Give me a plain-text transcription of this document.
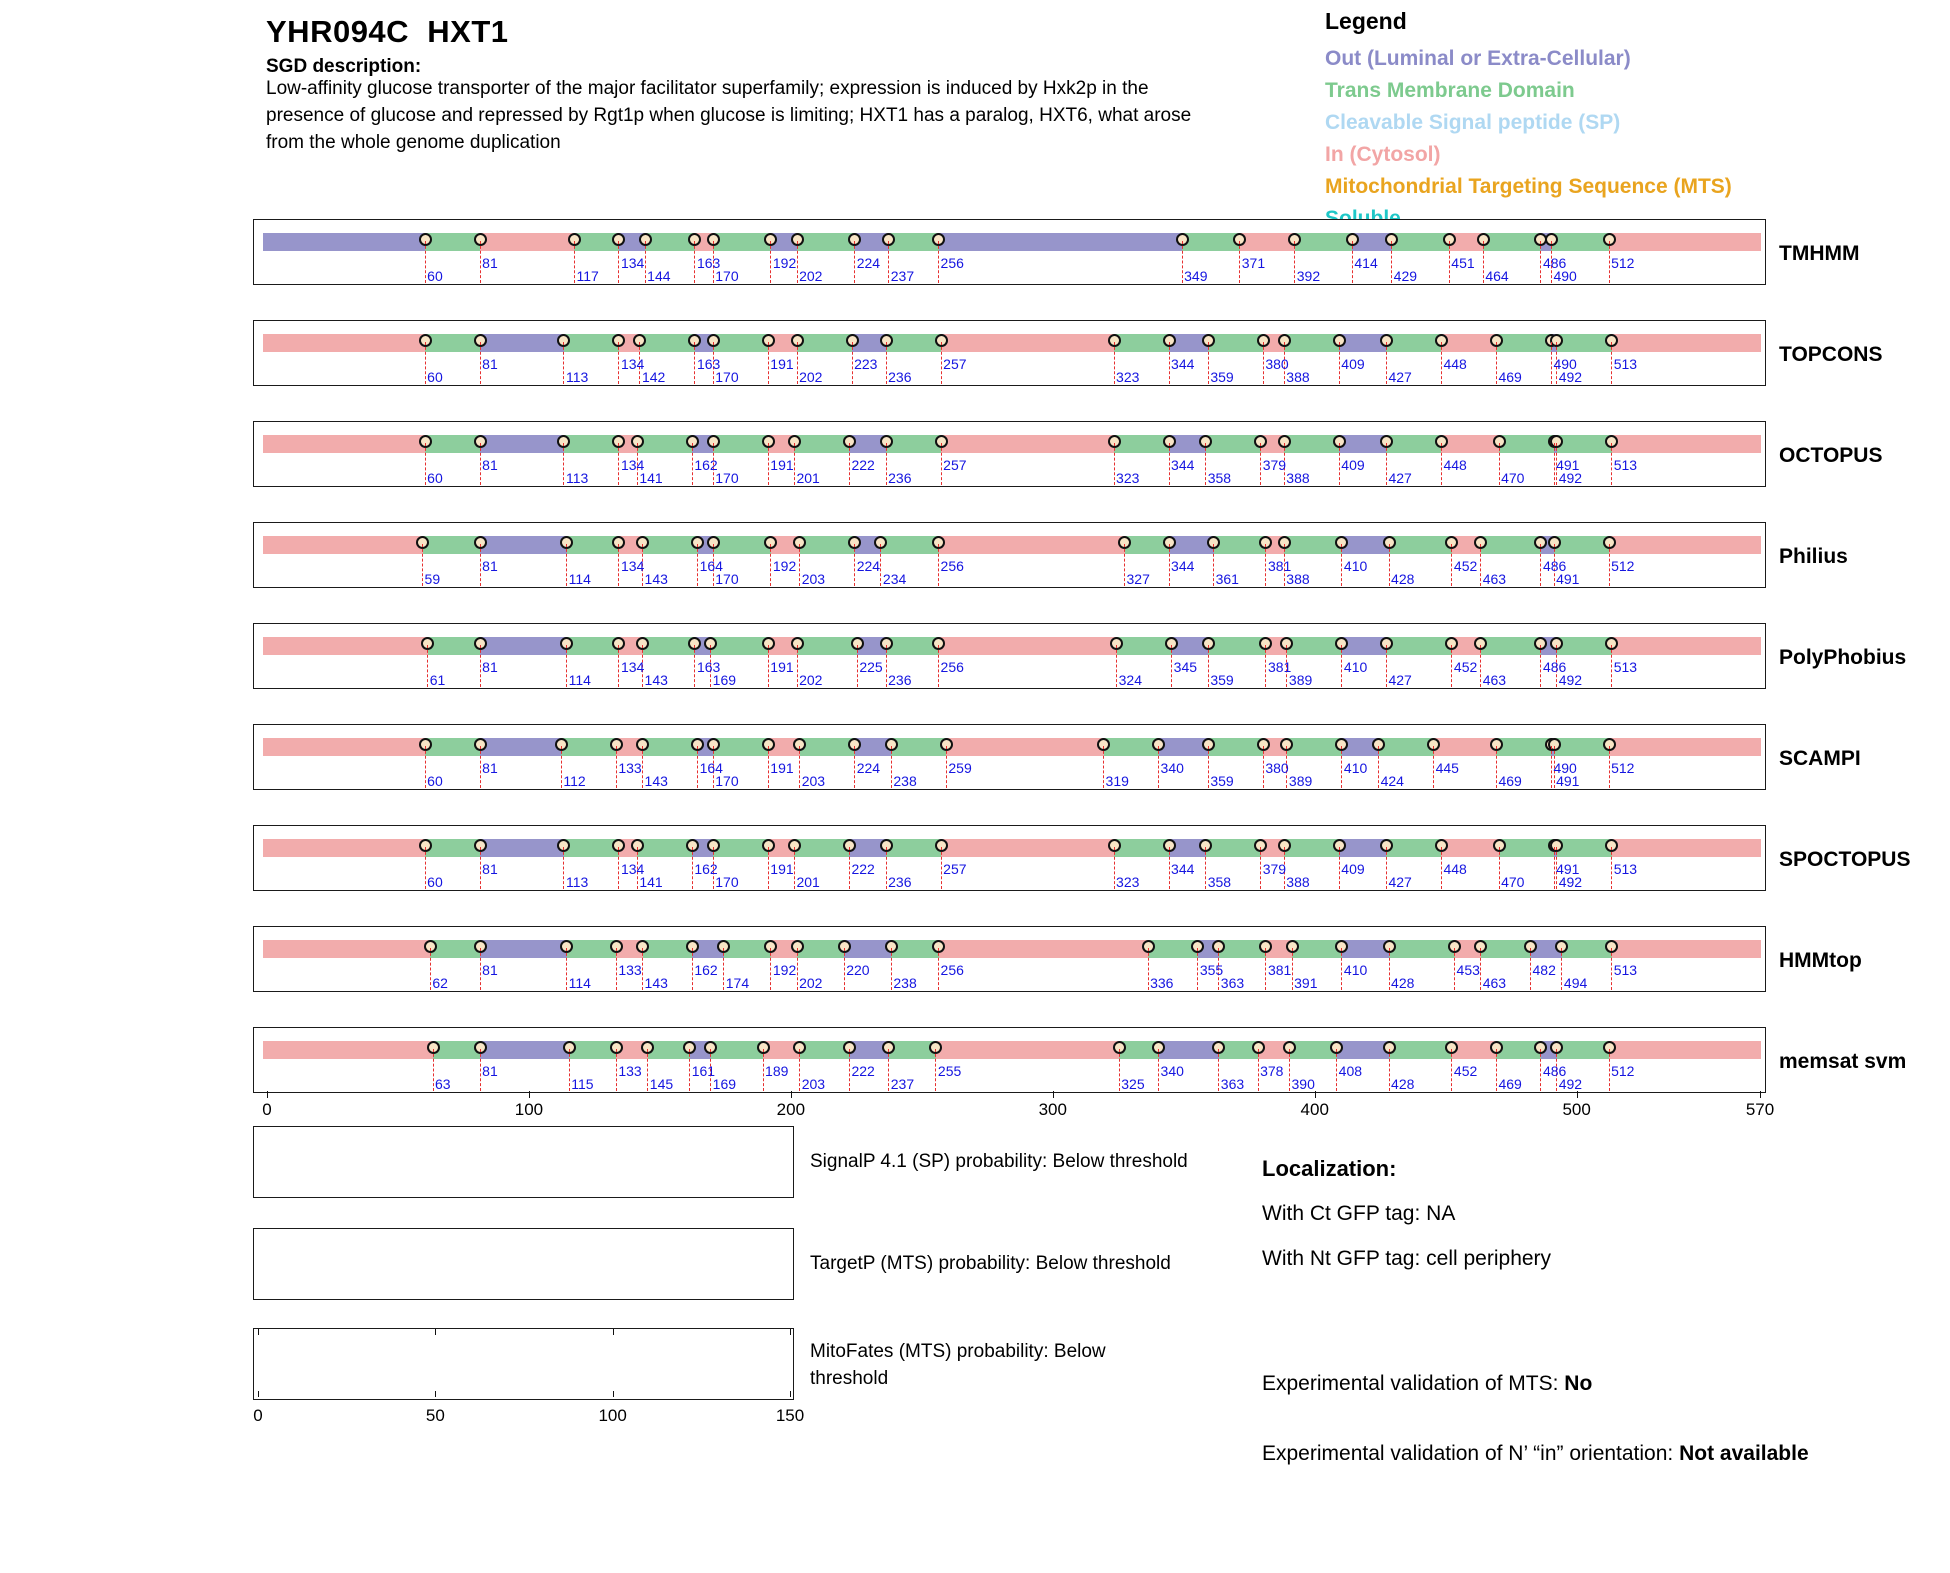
YHR094C  HXT1
SGD description:
Low-affinity glucose transporter of the major facilitator superfamily; expression is induced by Hxk2p in the
presence of glucose and repressed by Rgt1p when glucose is limiting; HXT1 has a paralog, HXT6, what arose
from the whole genome duplication
Legend
Out (Luminal or Extra-Cellular)
Trans Membrane Domain
Cleavable Signal peptide (SP)
In (Cytosol)
Mitochondrial Targeting Sequence (MTS)
60
81
117
134
144
163
170
192
202
224
237
256
349
371
392
414
429
451
464
486
490
512
60
81
113
134
142
163
170
191
202
223
236
257
323
344
359
380
388
409
427
448
469
490
492
513
60
81
113
134
141
162
170
191
201
222
236
257
323
344
358
379
388
409
427
448
470
491
492
513
59
81
114
134
143
164
170
192
203
224
234
256
327
344
361
381
388
410
428
452
463
486
491
512
61
81
114
134
143
163
169
191
202
225
236
256
324
345
359
381
389
410
427
452
463
486
492
513
60
81
112
133
143
164
170
191
203
224
238
259
319
340
359
380
389
410
424
445
469
490
491
512
60
81
113
134
141
162
170
191
201
222
236
257
323
344
358
379
388
409
427
448
470
491
492
513
62
81
114
133
143
162
174
192
202
220
238
256
336
355
363
381
391
410
428
453
463
482
494
513
63
81
115
133
145
161
169
189
203
222
237
255
325
340
363
378
390
408
428
452
469
486
492
512
0	100	200	300	400	500	570
0	50	100	150
SignalP 4.1 (SP) probability: Below threshold
TargetP (MTS) probability: Below threshold
MitoFates (MTS) probability: Below threshold
Localization:
With Ct GFP tag: NA
With Nt GFP tag: cell periphery
Experimental validation of MTS: No
Experimental validation of N’ “in” orientation: Not available
TMHMM
TOPCONS
OCTOPUS
Philius
PolyPhobius
SCAMPI
SPOCTOPUS
HMMtop
memsat svm
